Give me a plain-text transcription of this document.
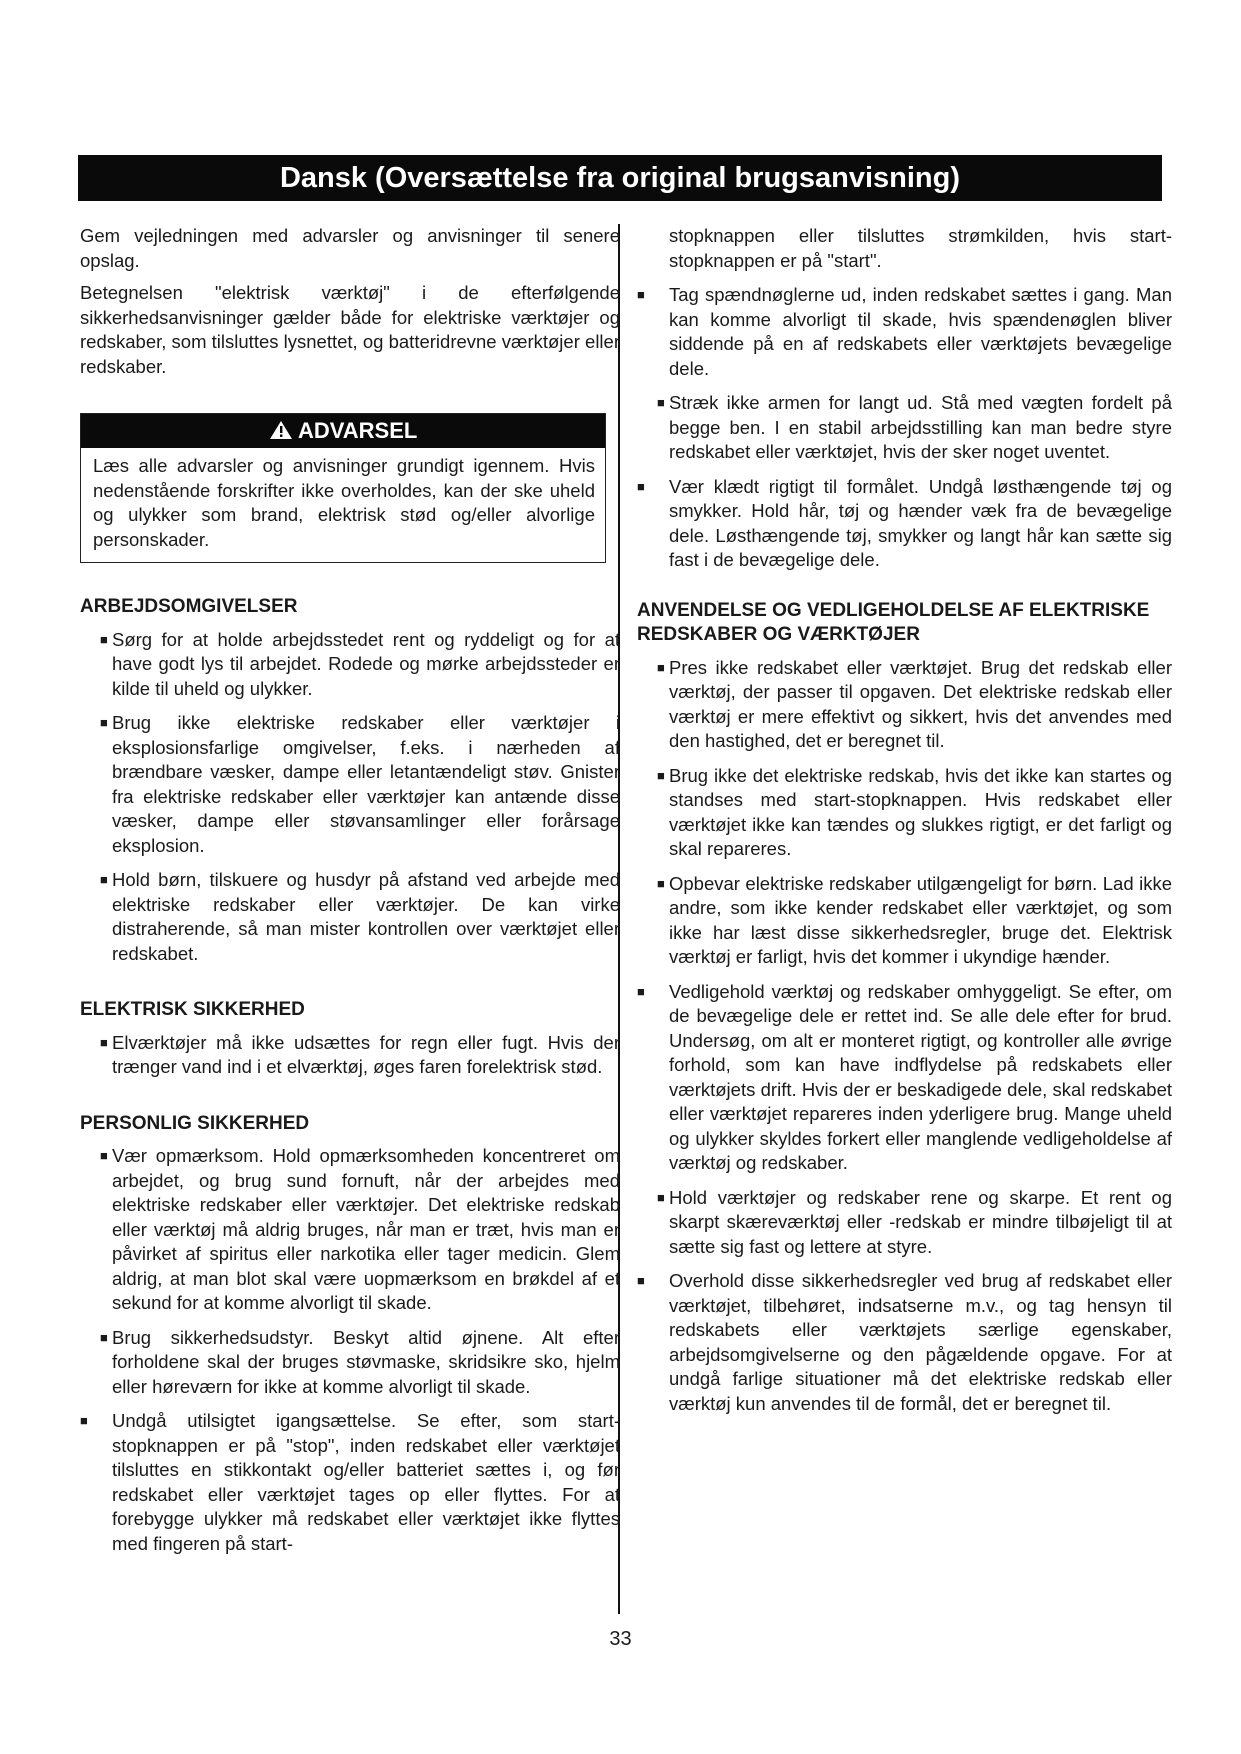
Dansk (Oversættelse fra original brugsanvisning)

Gem vejledningen med advarsler og anvisninger til senere opslag.

Betegnelsen "elektrisk værktøj" i de efterfølgende sikkerhedsanvisninger gælder både for elektriske værktøjer og redskaber, som tilsluttes lysnettet, og batteridrevne værktøjer eller redskaber.

ADVARSEL
Læs alle advarsler og anvisninger grundigt igennem. Hvis nedenstående forskrifter ikke overholdes, kan der ske uheld og ulykker som brand, elektrisk stød og/eller alvorlige personskader.
ARBEJDSOMGIVELSER
■ Sørg for at holde arbejdsstedet rent og ryddeligt og for at have godt lys til arbejdet. Rodede og mørke arbejdssteder er kilde til uheld og ulykker.
■ Brug ikke elektriske redskaber eller værktøjer i eksplosionsfarlige omgivelser, f.eks. i nærheden af brændbare væsker, dampe eller letantændeligt støv. Gnister fra elektriske redskaber eller værktøjer kan antænde disse væsker, dampe eller støvansamlinger eller forårsage eksplosion.
■ Hold børn, tilskuere og husdyr på afstand ved arbejde med elektriske redskaber eller værktøjer. De kan virke distraherende, så man mister kontrollen over værktøjet eller redskabet.
ELEKTRISK SIKKERHED
■ Elværktøjer må ikke udsættes for regn eller fugt. Hvis der trænger vand ind i et elværktøj, øges faren forelektrisk stød.
PERSONLIG SIKKERHED
■ Vær opmærksom. Hold opmærksomheden koncentreret om arbejdet, og brug sund fornuft, når der arbejdes med elektriske redskaber eller værktøjer. Det elektriske redskab eller værktøj må aldrig bruges, når man er træt, hvis man er påvirket af spiritus eller narkotika eller tager medicin. Glem aldrig, at man blot skal være uopmærksom en brøkdel af et sekund for at komme alvorligt til skade.
■ Brug sikkerhedsudstyr. Beskyt altid øjnene. Alt efter forholdene skal der bruges støvmaske, skridsikre sko, hjelm eller høreværn for ikke at komme alvorligt til skade.
■ Undgå utilsigtet igangsættelse. Se efter, som start-stopknappen er på "stop", inden redskabet eller værktøjet tilsluttes en stikkontakt og/eller batteriet sættes i, og før redskabet eller værktøjet tages op eller flyttes. For at forebygge ulykker må redskabet eller værktøjet ikke flyttes med fingeren på start-
stopknappen eller tilsluttes strømkilden, hvis start-stopknappen er på "start".
■ Tag spændnøglerne ud, inden redskabet sættes i gang. Man kan komme alvorligt til skade, hvis spændenøglen bliver siddende på en af redskabets eller værktøjets bevægelige dele.
■ Stræk ikke armen for langt ud. Stå med vægten fordelt på begge ben. I en stabil arbejdsstilling kan man bedre styre redskabet eller værktøjet, hvis der sker noget uventet.
■ Vær klædt rigtigt til formålet. Undgå løsthængende tøj og smykker. Hold hår, tøj og hænder væk fra de bevægelige dele. Løsthængende tøj, smykker og langt hår kan sætte sig fast i de bevægelige dele.
ANVENDELSE OG VEDLIGEHOLDELSE AF ELEKTRISKE REDSKABER OG VÆRKTØJER
■ Pres ikke redskabet eller værktøjet. Brug det redskab eller værktøj, der passer til opgaven. Det elektriske redskab eller værktøj er mere effektivt og sikkert, hvis det anvendes med den hastighed, det er beregnet til.
■ Brug ikke det elektriske redskab, hvis det ikke kan startes og standses med start-stopknappen. Hvis redskabet eller værktøjet ikke kan tændes og slukkes rigtigt, er det farligt og skal repareres.
■ Opbevar elektriske redskaber utilgængeligt for børn. Lad ikke andre, som ikke kender redskabet eller værktøjet, og som ikke har læst disse sikkerhedsregler, bruge det. Elektrisk værktøj er farligt, hvis det kommer i ukyndige hænder.
■ Vedligehold værktøj og redskaber omhyggeligt. Se efter, om de bevægelige dele er rettet ind. Se alle dele efter for brud. Undersøg, om alt er monteret rigtigt, og kontroller alle øvrige forhold, som kan have indflydelse på redskabets eller værktøjets drift. Hvis der er beskadigede dele, skal redskabet eller værktøjet repareres inden yderligere brug. Mange uheld og ulykker skyldes forkert eller manglende vedligeholdelse af værktøj og redskaber.
■ Hold værktøjer og redskaber rene og skarpe. Et rent og skarpt skæreværktøj eller -redskab er mindre tilbøjeligt til at sætte sig fast og lettere at styre.
■ Overhold disse sikkerhedsregler ved brug af redskabet eller værktøjet, tilbehøret, indsatserne m.v., og tag hensyn til redskabets eller værktøjets særlige egenskaber, arbejdsomgivelserne og den pågældende opgave. For at undgå farlige situationer må det elektriske redskab eller værktøj kun anvendes til de formål, det er beregnet til.
33
